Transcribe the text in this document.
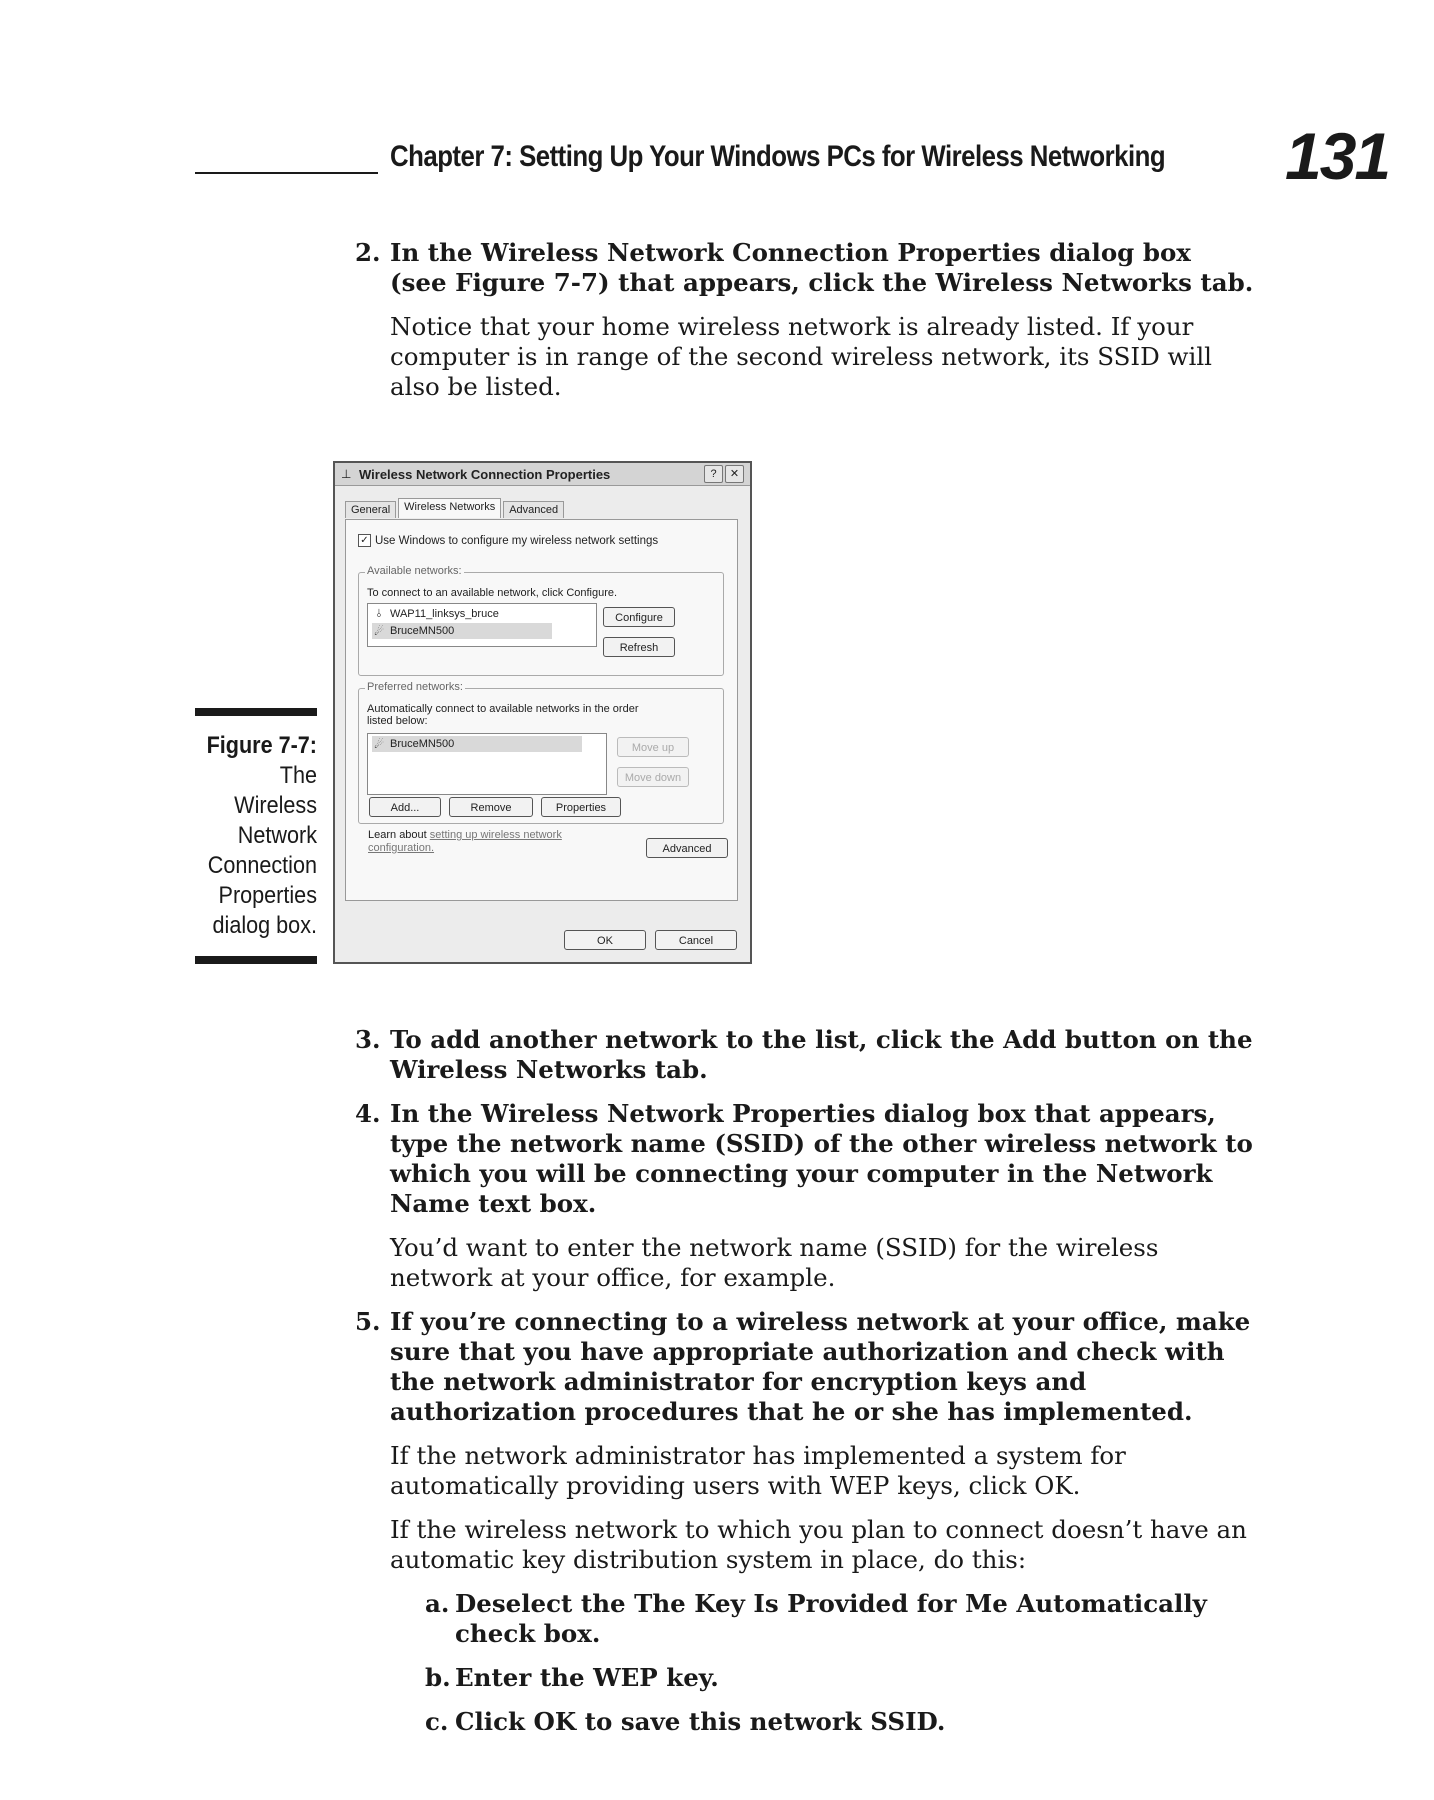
Chapter 7: Setting Up Your Windows PCs for Wireless Networking 131
2. In the Wireless Network Connection Properties dialog box (see Figure 7-7) that appears, click the Wireless Networks tab.
Notice that your home wireless network is already listed. If your computer is in range of the second wireless network, its SSID will also be listed.
Figure 7-7:
The Wireless Network Connection Properties dialog box.
⊥ Wireless Network Connection Properties	?	✕
General	Wireless Networks	Advanced
✓ Use Windows to configure my wireless network settings
Available networks:
To connect to an available network, click Configure.
⫰ WAP11_linksys_bruce
☄ BruceMN500
Configure
Refresh
Preferred networks:
Automatically connect to available networks in the order listed below:
☄ BruceMN500	Move up
Move down
Add...	Remove	Properties
Learn about setting up wireless network configuration.	Advanced
OK	Cancel
3. To add another network to the list, click the Add button on the Wireless Networks tab.
4. In the Wireless Network Properties dialog box that appears, type the network name (SSID) of the other wireless network to which you will be connecting your computer in the Network Name text box.
You’d want to enter the network name (SSID) for the wireless network at your office, for example.
5. If you’re connecting to a wireless network at your office, make sure that you have appropriate authorization and check with the network administrator for encryption keys and authorization procedures that he or she has implemented.
If the network administrator has implemented a system for automatically providing users with WEP keys, click OK.
If the wireless network to which you plan to connect doesn’t have an automatic key distribution system in place, do this:
a. Deselect the The Key Is Provided for Me Automatically check box.
b. Enter the WEP key.
c. Click OK to save this network SSID.
